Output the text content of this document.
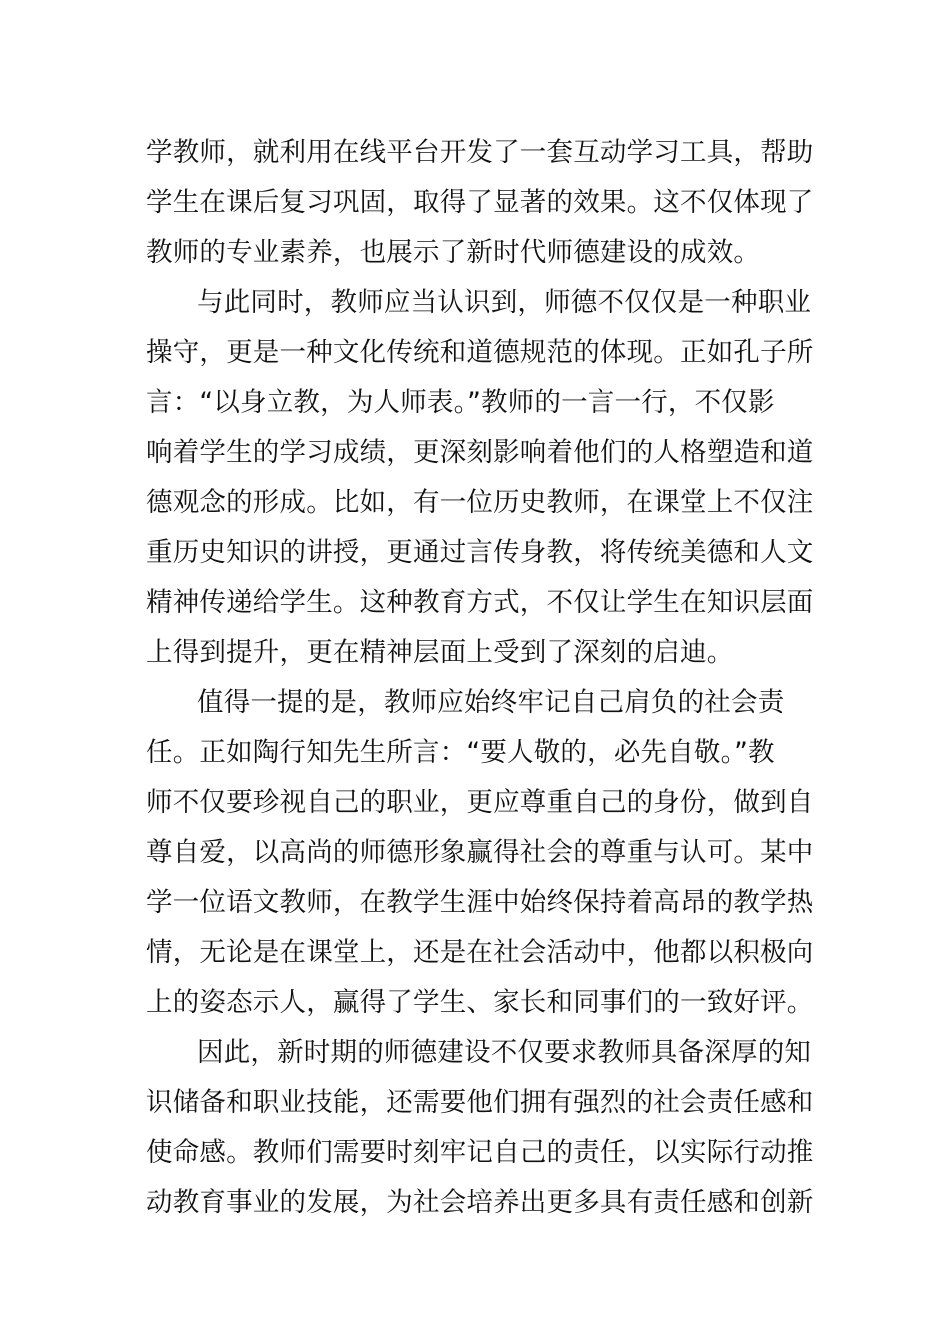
学教师，就利用在线平台开发了一套互动学习工具，帮助
学生在课后复习巩固，取得了显著的效果。这不仅体现了
教师的专业素养，也展示了新时代师德建设的成效。
与此同时，教师应当认识到，师德不仅仅是一种职业
操守，更是一种文化传统和道德规范的体现。正如孔子所
言：“以身立教，为人师表。”教师的一言一行，不仅影
响着学生的学习成绩，更深刻影响着他们的人格塑造和道
德观念的形成。比如，有一位历史教师，在课堂上不仅注
重历史知识的讲授，更通过言传身教，将传统美德和人文
精神传递给学生。这种教育方式，不仅让学生在知识层面
上得到提升，更在精神层面上受到了深刻的启迪。
值得一提的是，教师应始终牢记自己肩负的社会责
任。正如陶行知先生所言：“要人敬的，必先自敬。”教
师不仅要珍视自己的职业，更应尊重自己的身份，做到自
尊自爱，以高尚的师德形象赢得社会的尊重与认可。某中
学一位语文教师，在教学生涯中始终保持着高昂的教学热
情，无论是在课堂上，还是在社会活动中，他都以积极向
上的姿态示人，赢得了学生、家长和同事们的一致好评。
因此，新时期的师德建设不仅要求教师具备深厚的知
识储备和职业技能，还需要他们拥有强烈的社会责任感和
使命感。教师们需要时刻牢记自己的责任，以实际行动推
动教育事业的发展，为社会培养出更多具有责任感和创新
